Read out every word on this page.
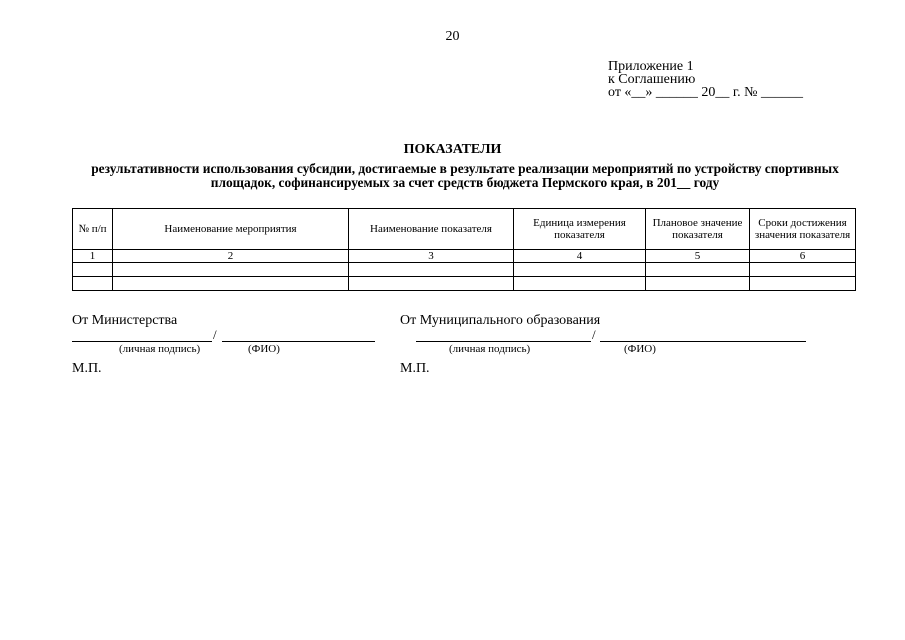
20
Приложение 1
к Соглашению
от «__» ______ 20__ г. № ______
ПОКАЗАТЕЛИ
результативности использования субсидии, достигаемые в результате реализации мероприятий по устройству спортивных площадок, софинансируемых за счет средств бюджета Пермского края, в 201__ году
№ п/п	Наименование мероприятия	Наименование показателя	Единица измерения показателя	Плановое значение показателя	Сроки достижения значения показателя
1	2	3	4	5	6

От Министерства
/
(личная подпись)	(ФИО)
М.П.
От Муниципального образования
/
(личная подпись)	(ФИО)
М.П.
